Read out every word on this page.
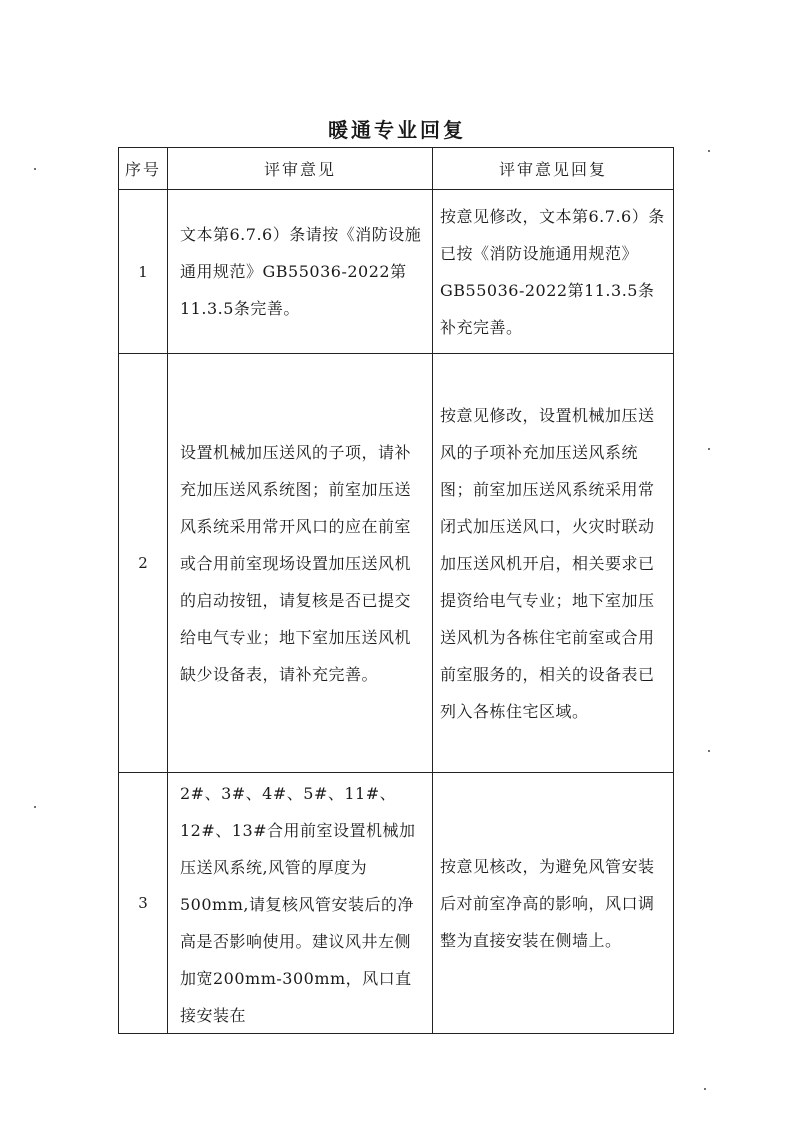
暖通专业回复
序号	评审意见	评审意见回复
1	文本第6.7.6）条请按《消防设施通用规范》GB55036-2022第11.3.5条完善。	按意见修改，文本第6.7.6）条已按《消防设施通用规范》GB55036-2022第11.3.5条补充完善。

2	设置机械加压送风的子项，请补充加压送风系统图；前室加压送风系统采用常开风口的应在前室或合用前室现场设置加压送风机的启动按钮，请复核是否已提交给电气专业；地下室加压送风机缺少设备表，请补充完善。	按意见修改，设置机械加压送风的子项补充加压送风系统图；前室加压送风系统采用常闭式加压送风口，火灾时联动加压送风机开启，相关要求已提资给电气专业；地下室加压送风机为各栋住宅前室或合用前室服务的，相关的设备表已列入各栋住宅区域。

3	2#、3#、4#、5#、11#、12#、13#合用前室设置机械加压送风系统,风管的厚度为500mm,请复核风管安装后的净高是否影响使用。建议风井左侧加宽200mm-300mm，风口直接安装在	按意见核改，为避免风管安装后对前室净高的影响，风口调整为直接安装在侧墙上。
